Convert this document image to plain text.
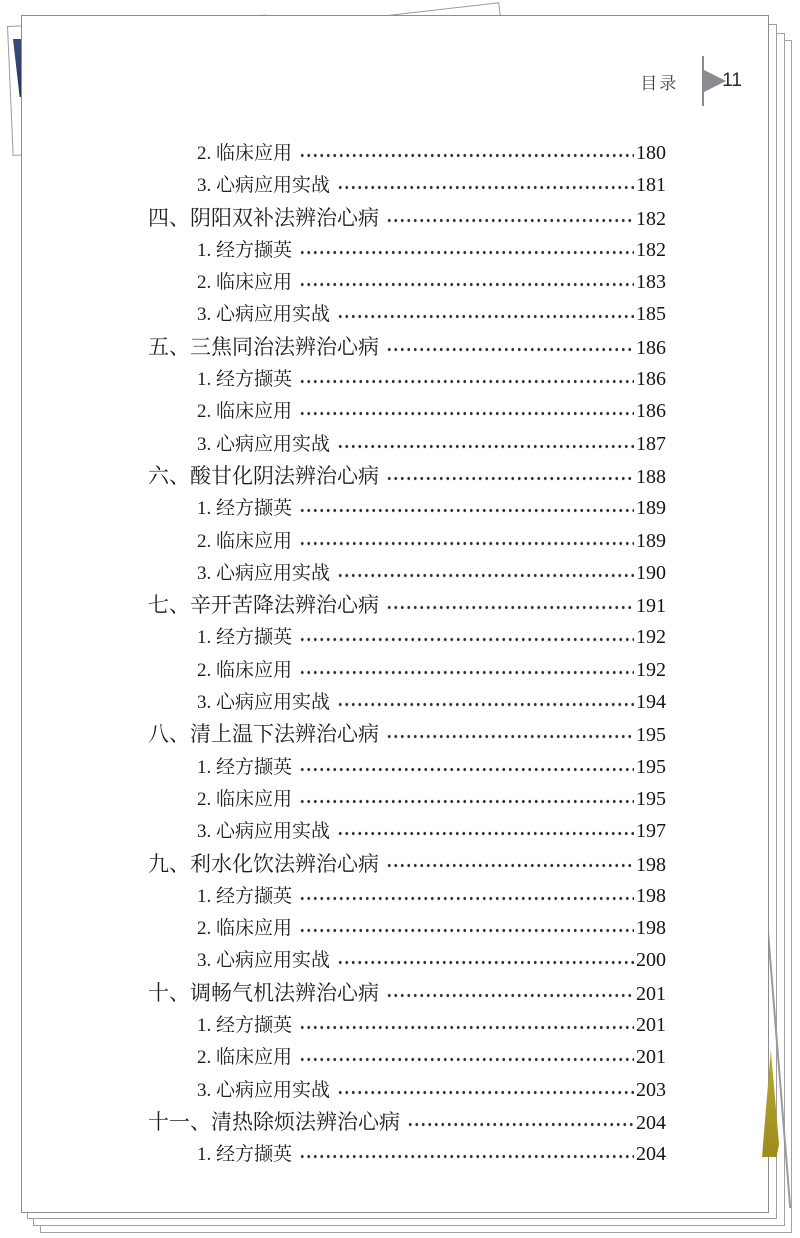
目录 11
2. 临床应用	180
3. 心病应用实战	181
四、阴阳双补法辨治心病	182
1. 经方撷英	182
2. 临床应用	183
3. 心病应用实战	185
五、三焦同治法辨治心病	186
1. 经方撷英	186
2. 临床应用	186
3. 心病应用实战	187
六、酸甘化阴法辨治心病	188
1. 经方撷英	189
2. 临床应用	189
3. 心病应用实战	190
七、辛开苦降法辨治心病	191
1. 经方撷英	192
2. 临床应用	192
3. 心病应用实战	194
八、清上温下法辨治心病	195
1. 经方撷英	195
2. 临床应用	195
3. 心病应用实战	197
九、利水化饮法辨治心病	198
1. 经方撷英	198
2. 临床应用	198
3. 心病应用实战	200
十、调畅气机法辨治心病	201
1. 经方撷英	201
2. 临床应用	201
3. 心病应用实战	203
十一、清热除烦法辨治心病	204
1. 经方撷英	204
